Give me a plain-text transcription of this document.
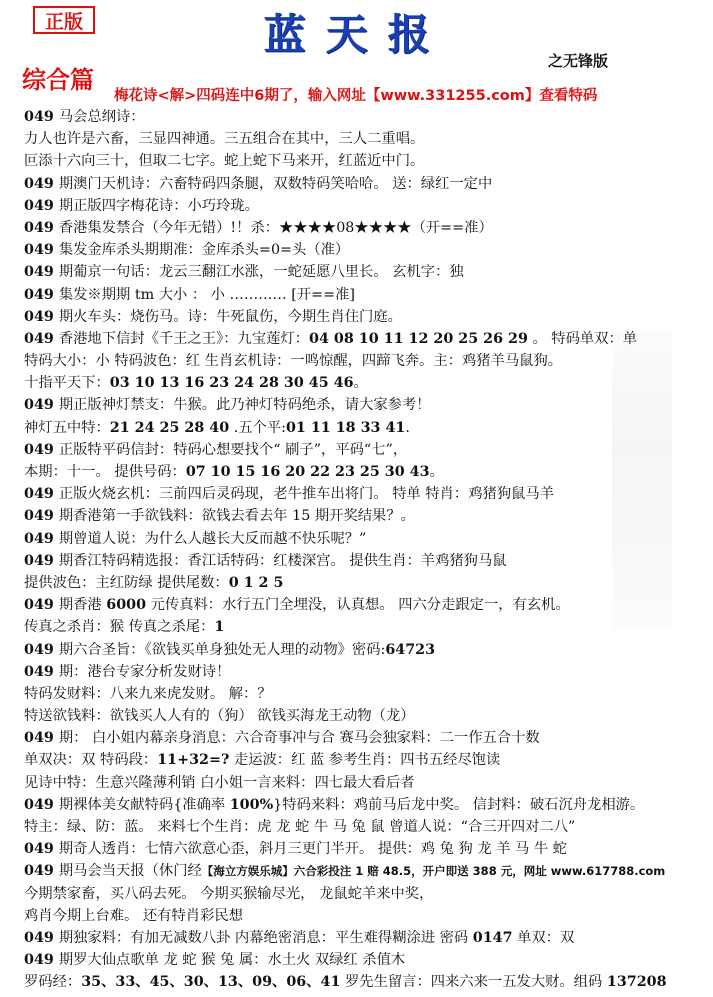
正版	蓝天报
之无锋版
综合篇
梅花诗<解>四码连中6期了，输入网址【www.331255.com】查看特码
049 马会总纲诗：
力人也许是六畜，三显四神通。三五组合在其中，三人二重唱。
叵添十六向三十，但取二七字。蛇上蛇下马来开，红蓝近中门。
049 期澳门天机诗：六畜特码四条腿，双数特码笑哈哈。 送：绿红一定中
049 期正版四字梅花诗：小巧玲珑。
049 香港集发禁合（今年无错）!！杀：★★★★08★★★★（开==准）
049 集发金库杀头期期准：金库杀头=0=头（准）
049 期葡京一句话：龙云三翻江水涨，一蛇延愿八里长。 玄机字：独
049 集发※期期 tm 大小 ： 小 ………… [开==准]
049 期火车头：烧伤马。诗：牛死鼠伤，今期生肖住门庭。
049 香港地下信封《千王之王》：九宝莲灯：04 08 10 11 12 20 25 26 29 。 特码单双：单
特码大小：小 特码波色：红 生肖玄机诗：一鸣惊醒，四蹄飞奔。主：鸡猪羊马鼠狗。
十指平天下：03 10 13 16 23 24 28 30 45 46。
049 期正版神灯禁支：牛猴。此乃神灯特码绝杀，请大家参考！
神灯五中特：21 24 25 28 40 .五个平:01 11 18 33 41.
049 正版特平码信封：特码心想要找个“ 刷子”，平码“七”，
本期：十一。 提供号码：07 10 15 16 20 22 23 25 30 43。
049 正版火烧玄机：三前四后灵码现，老牛推车出将门。 特单 特肖：鸡猪狗鼠马羊
049 期香港第一手欲钱料：欲钱去看去年 15 期开奖结果？。
049 期曾道人说：为什么人越长大反而越不快乐呢？”
049 期香江特码精选报：香江话特码：红楼深宫。 提供生肖：羊鸡猪狗马鼠
提供波色：主红防绿 提供尾数：0 1 2 5
049 期香港 6000 元传真料：水行五门全埋没，认真想。 四六分走跟定一，有玄机。
传真之杀肖：猴 传真之杀尾：1
049 期六合圣旨：《欲钱买单身独处无人理的动物》密码:64723
049 期：港台专家分析发财诗！
特码发财料：八来九来虎发财。 解：？
特送欲钱料：欲钱买人人有的（狗） 欲钱买海龙王动物（龙）
049 期： 白小姐内幕亲身消息：六合奇事冲与合 赛马会独家料：二一作五合十数
单双决：双 特码段：11+32=? 走运波：红 蓝 参考生肖：四书五经尽饱读
见诗中特：生意兴隆薄利销 白小姐一言来料：四七最大看后者
049 期裸体美女献特码{准确率 100%}特码来料：鸡前马后龙中奖。 信封料：破石沉舟龙相游。
特主：绿、防：蓝。 来料七个生肖：虎 龙 蛇 牛 马 兔 鼠 曾道人说：“合三开四对二八”
049 期奇人透肖：七情六欲意心歪，斜月三更门半开。 提供：鸡 兔 狗 龙 羊 马 牛 蛇
049 期马会当天报（休门经【海立方娱乐城】六合彩投注 1 赔 48.5，开户即送 388 元，网址 www.617788.com
今期禁家畜，买八码去死。 今期买猴输尽光， 龙鼠蛇羊来中奖，
鸡肖今期上台难。 还有特肖彩民想
049 期独家料：有加无减数八卦 内幕绝密消息：平生难得糊涂进 密码 0147 单双：双
049 期罗大仙点歌单 龙 蛇 猴 兔 属：水土火 双绿红 杀值木
罗码经：35、33、45、30、13、09、06、41 罗先生留言：四来六来一五发大财。组码 137208
